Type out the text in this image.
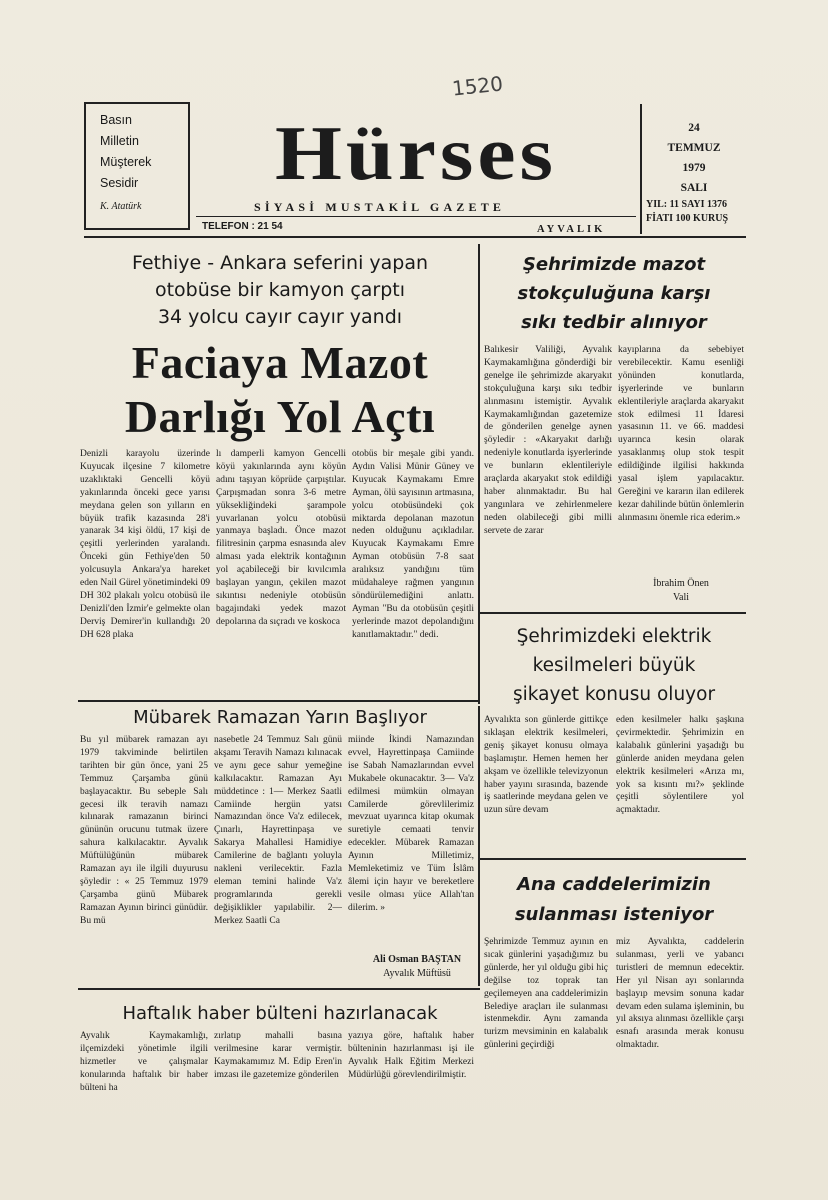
1520
Basın
Milletin
Müşterek
Sesidir
K. Atatürk
Hürses
SİYASİ MUSTAKİL GAZETE
TELEFON : 21 54	AYVALIK
24
TEMMUZ
1979
SALI
YIL: 11 SAYI 1376
FİATI 100 KURUŞ
Fethiye - Ankara seferini yapan
otobüse bir kamyon çarptı
34 yolcu cayır cayır yandı
Faciaya Mazot
Darlığı Yol Açtı
Denizli karayolu üzerinde Kuyucak ilçesine 7 kilometre uzaklıktaki Gencelli köyü yakınlarında önceki gece yarısı meydana gelen son yılların en büyük trafik kazasında 28'i yanarak 34 kişi öldü, 17 kişi de çeşitli yerlerinden yaralandı. Önceki gün Fethiye'den 50 yolcusuyla Ankara'ya hareket eden Nail Gürel yönetimindeki 09 DH 302 plakalı yolcu otobüsü ile Denizli'den İzmir'e gelmekte olan Derviş Demirer'in kullandığı 20 DH 628 plaka
lı damperli kamyon Gencelli köyü yakınlarında aynı köyün adını taşıyan köprüde çarpıştılar. Çarpışmadan sonra 3-6 metre yüksekliğindeki şarampole yuvarlanan yolcu otobüsü yanmaya başladı. Önce mazot filitresinin çarpma esnasında alev alması yada elektrik kontağının yol açabileceği bir kıvılcımla başlayan yangın, çekilen mazot sıkıntısı nedeniyle otobüsün bagajındaki yedek mazot depolarına da sıçradı ve koskoca
otobüs bir meşale gibi yandı. Aydın Valisi Münir Güney ve Kuyucak Kaymakamı Emre Ayman, ölü sayısının artmasına, yolcu otobüsündeki çok miktarda depolanan mazotun neden olduğunu açıkladılar. Kuyucak Kaymakamı Emre Ayman otobüsün 7-8 saat aralıksız yandığını tüm müdahaleye rağmen yangının söndürülemediğini anlattı. Ayman "Bu da otobüsün çeşitli yerlerinde mazot depolandığını kanıtlamaktadır." dedi.
Mübarek Ramazan Yarın Başlıyor
Bu yıl mübarek ramazan ayı 1979 takviminde belirtilen tarihten bir gün önce, yani 25 Temmuz Çarşamba günü başlayacaktır. Bu sebeple Salı gecesi ilk teravih namazı kılınarak ramazanın birinci gününün orucunu tutmak üzere sahura kalkılacaktır. Ayvalık Müftülüğünün mübarek Ramazan ayı ile ilgili duyurusu şöyledir : « 25 Temmuz 1979 Çarşamba günü Mübarek Ramazan Ayının birinci günüdür. Bu mü
nasebetle 24 Temmuz Salı günü akşamı Teravih Namazı kılınacak ve aynı gece sahur yemeğine kalkılacaktır. Ramazan Ayı müddetince : 1— Merkez Saatli Camiinde hergün yatsı Namazından önce Va'z edilecek, Çınarlı, Hayrettinpaşa ve Sakarya Mahallesi Hamidiye Camilerine de bağlantı yoluyla nakleni verilecektir. Fazla eleman temini halinde Va'z programlarında gerekli değişiklikler yapılabilir. 2— Merkez Saatli Ca
miinde İkindi Namazından evvel, Hayrettinpaşa Camiinde ise Sabah Namazlarından evvel Mukabele okunacaktır. 3— Va'z edilmesi mümkün olmayan Camilerde görevlilerimiz mevzuat uyarınca kitap okumak suretiyle cemaati tenvir edecekler. Mübarek Ramazan Ayının Milletimiz, Memleketimiz ve Tüm İslâm âlemi için hayır ve bereketlere vesile olması yüce Allah'tan dilerim. »
Ali Osman BAŞTAN
Ayvalık Müftüsü
Haftalık haber bülteni hazırlanacak
Ayvalık Kaymakamlığı, ilçemizdeki yönetimle ilgili hizmetler ve çalışmalar konularında haftalık bir haber bülteni ha
zırlatıp mahalli basına verilmesine karar vermiştir. Kaymakamımız M. Edip Eren'in imzası ile gazetemize gönderilen
yazıya göre, haftalık haber bülteninin hazırlanması işi ile Ayvalık Halk Eğitim Merkezi Müdürlüğü görevlendirilmiştir.
Şehrimizde mazot
stokçuluğuna karşı
sıkı tedbir alınıyor
Balıkesir Valiliği, Ayvalık Kaymakamlığına gönderdiği bir genelge ile şehrimizde akaryakıt stokçuluğuna karşı sıkı tedbir alınmasını istemiştir. Ayvalık Kaymakamlığından gazetemize de gönderilen genelge aynen şöyledir : «Akaryakıt darlığı nedeniyle konutlarda işyerlerinde ve bunların eklentileriyle araçlarda akaryakıt stok edildiği haber alınmaktadır. Bu hal yangınlara ve zehirlenmelere neden olabileceği gibi milli servete de zarar
kayıplarına da sebebiyet verebilecektir. Kamu esenliği yönünden konutlarda, işyerlerinde ve bunların eklentileriyle araçlarda akaryakıt stok edilmesi 11 İdaresi yasasının 11. ve 66. maddesi uyarınca kesin olarak yasaklanmış olup stok tespit edildiğinde ilgilisi hakkında yasal işlem yapılacaktır. Gereğini ve kararın ilan edilerek kezar dahilinde bütün önlemlerin alınmasını önemle rica ederim.»
İbrahim Önen
Vali
Şehrimizdeki elektrik
kesilmeleri büyük
şikayet konusu oluyor
Ayvalıkta son günlerde gittikçe sıklaşan elektrik kesilmeleri, geniş şikayet konusu olmaya başlamıştır. Hemen hemen her akşam ve özellikle televizyonun haber yayını sırasında, bazende iş saatlerinde meydana gelen ve uzun süre devam
eden kesilmeler halkı şaşkına çevirmektedir. Şehrimizin en kalabalık günlerini yaşadığı bu günlerde aniden meydana gelen elektrik kesilmeleri «Arıza mı, yok sa kısıntı mı?» şeklinde çeşitli söylentilere yol açmaktadır.
Ana caddelerimizin
sulanması isteniyor
Şehrimizde Temmuz ayının en sıcak günlerini yaşadığımız bu günlerde, her yıl olduğu gibi hiç değilse toz toprak tan geçilemeyen ana caddelerimizin Belediye araçları ile sulanması istenmekdir. Aynı zamanda turizm mevsiminin en kalabalık günlerini geçirdiği
miz Ayvalıkta, caddelerin sulanması, yerli ve yabancı turistleri de memnun edecektir. Her yıl Nisan ayı sonlarında başlayıp mevsim sonuna kadar devam eden sulama işleminin, bu yıl aksıya alınması özellikle çarşı esnafı arasında merak konusu olmaktadır.
